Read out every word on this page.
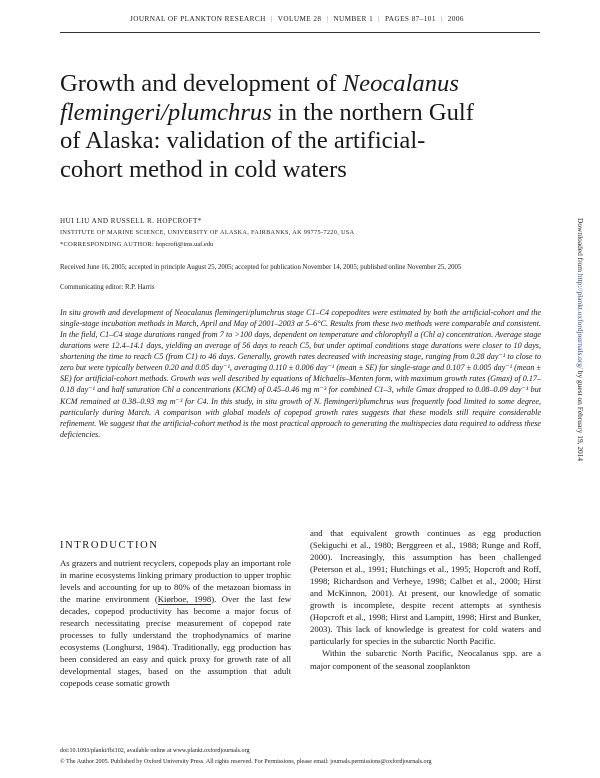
JOURNAL OF PLANKTON RESEARCH | VOLUME 28 | NUMBER 1 | PAGES 87–101 | 2006
Growth and development of Neocalanus
flemingeri/plumchrus in the northern Gulf
of Alaska: validation of the artificial-
cohort method in cold waters
HUI LIU AND RUSSELL R. HOPCROFT*
INSTITUTE OF MARINE SCIENCE, UNIVERSITY OF ALASKA, FAIRBANKS, AK 99775-7220, USA
*CORRESPONDING AUTHOR: hopcroft@ims.uaf.edu
Received June 16, 2005; accepted in principle August 25, 2005; accepted for publication November 14, 2005; published online November 25, 2005
Communicating editor: R.P. Harris

In situ growth and development of Neocalanus flemingeri/plumchrus stage C1–C4 copepodites were estimated by both the artificial-cohort and the single-stage incubation methods in March, April and May of 2001–2003 at 5–6°C. Results from these two methods were comparable and consistent. In the field, C1–C4 stage durations ranged from 7 to >100 days, dependent on temperature and chlorophyll a (Chl a) concentration. Average stage durations were 12.4–14.1 days, yielding an average of 56 days to reach C5, but under optimal conditions stage durations were closer to 10 days, shortening the time to reach C5 (from C1) to 46 days. Generally, growth rates decreased with increasing stage, ranging from 0.28 day⁻¹ to close to zero but were typically between 0.20 and 0.05 day⁻¹, averaging 0.110 ± 0.006 day⁻¹ (mean ± SE) for single-stage and 0.107 ± 0.005 day⁻¹ (mean ± SE) for artificial-cohort methods. Growth was well described by equations of Michaelis–Menten form, with maximum growth rates (Gmax) of 0.17–0.18 day⁻¹ and half saturation Chl a concentrations (KCM) of 0.45–0.46 mg m⁻³ for combined C1–3, while Gmax dropped to 0.08–0.09 day⁻¹ but KCM remained at 0.38–0.93 mg m⁻³ for C4. In this study, in situ growth of N. flemingeri/plumchrus was frequently food limited to some degree, particularly during March. A comparison with global models of copepod growth rates suggests that these models still require considerable refinement. We suggest that the artificial-cohort method is the most practical approach to generating the multispecies data required to address these deficiencies.

INTRODUCTION

As grazers and nutrient recyclers, copepods play an important role in marine ecosystems linking primary production to upper trophic levels and accounting for up to 80% of the metazoan biomass in the marine environment (Kiørboe, 1998). Over the last few decades, copepod productivity has become a major focus of research necessitating precise measurement of copepod rate processes to fully understand the trophodynamics of marine ecosystems (Longhurst, 1984). Traditionally, egg production has been considered an easy and quick proxy for growth rate of all developmental stages, based on the assumption that adult copepods cease somatic growth

and that equivalent growth continues as egg production (Sekiguchi et al., 1980; Berggreen et al., 1988; Runge and Roff, 2000). Increasingly, this assumption has been challenged (Peterson et al., 1991; Hutchings et al., 1995; Hopcroft and Roff, 1998; Richardson and Verheye, 1998; Calbet et al., 2000; Hirst and McKinnon, 2001). At present, our knowledge of somatic growth is incomplete, despite recent attempts at synthesis (Hopcroft et al., 1998; Hirst and Lampitt, 1998; Hirst and Bunker, 2003). This lack of knowledge is greatest for cold waters and particularly for species in the subarctic North Pacific.

Within the subarctic North Pacific, Neocalanus spp. are a major component of the seasonal zooplankton

doi:10.1093/plankt/fbi102, available online at www.plankt.oxfordjournals.org
© The Author 2005. Published by Oxford University Press. All rights reserved. For Permissions, please email: journals.permissions@oxfordjournals.org
Downloaded from http://plankt.oxfordjournals.org/ by guest on February 19, 2014
